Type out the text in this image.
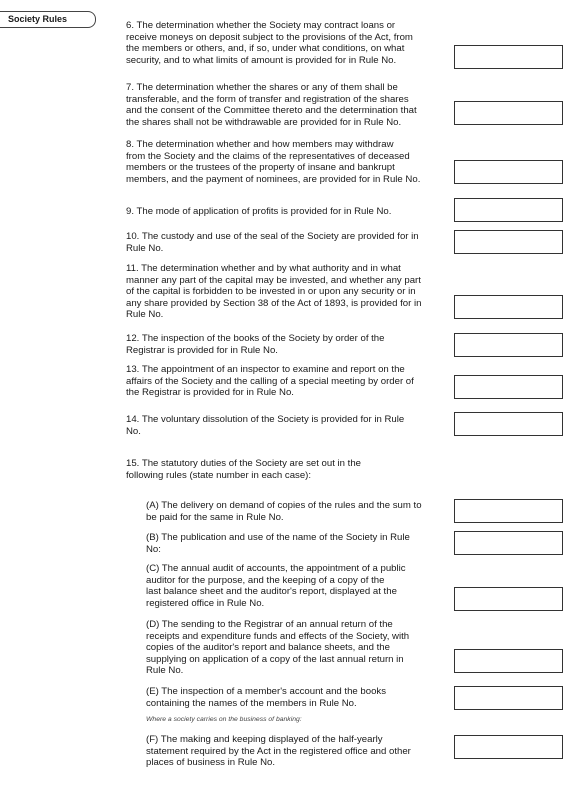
Society Rules

6. The determination whether the Society may contract loans or
receive moneys on deposit subject to the provisions of the Act, from
the members or others, and, if so, under what conditions, on what
security, and to what limits of amount is provided for in Rule No.

7. The determination whether the shares or any of them shall be
transferable, and the form of transfer and registration of the shares
and the consent of the Committee thereto and the determination that
the shares shall not be withdrawable are provided for in Rule No.

8. The determination whether and how members may withdraw
from the Society and the claims of the representatives of deceased
members or the trustees of the property of insane and bankrupt
members, and the payment of nominees, are provided for in Rule No.

9. The mode of application of profits is provided for in Rule No.

10. The custody and use of the seal of the Society are provided for in
Rule No.

11. The determination whether and by what authority and in what
manner any part of the capital may be invested, and whether any part
of the capital is forbidden to be invested in or upon any security or in
any share provided by Section 38 of the Act of 1893, is provided for in
Rule No.

12. The inspection of the books of the Society by order of the
Registrar is provided for in Rule No.

13. The appointment of an inspector to examine and report on the
affairs of the Society and the calling of a special meeting by order of
the Registrar is provided for in Rule No.

14. The voluntary dissolution of the Society is provided for in Rule
No.

15. The statutory duties of the Society are set out in the
following rules (state number in each case):

(A) The delivery on demand of copies of the rules and the sum to
be paid for the same in Rule No.

(B) The publication and use of the name of the Society in Rule
No:

(C) The annual audit of accounts, the appointment of a public
auditor for the purpose, and the keeping of a copy of the
last balance sheet and the auditor's report, displayed at the
registered office in Rule No.

(D) The sending to the Registrar of an annual return of the
receipts and expenditure funds and effects of the Society, with
copies of the auditor's report and balance sheets, and the
supplying on application of a copy of the last annual return in
Rule No.

(E) The inspection of a member's account and the books
containing the names of the members in Rule No.

Where a society carries on the business of banking:

(F) The making and keeping displayed of the half-yearly
statement required by the Act in the registered office and other
places of business in Rule No.
